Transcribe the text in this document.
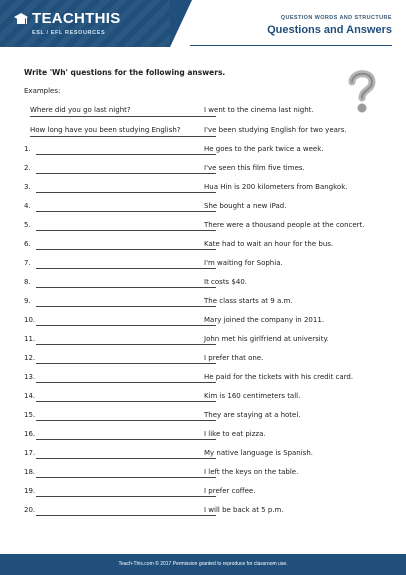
TEACHTHIS
ESL / EFL RESOURCES
QUESTION WORDS AND STRUCTURE
Questions and Answers
Write 'Wh' questions for the following answers.
Examples:
Where did you go last night?	I went to the cinema last night.
How long have you been studying English?	I've been studying English for two years.
1.	He goes to the park twice a week.
2.	I've seen this film five times.
3.	Hua Hin is 200 kilometers from Bangkok.
4.	She bought a new iPad.
5.	There were a thousand people at the concert.
6.	Kate had to wait an hour for the bus.
7.	I'm waiting for Sophia.
8.	It costs $40.
9.	The class starts at 9 a.m.
10.	Mary joined the company in 2011.
11.	John met his girlfriend at university.
12.	I prefer that one.
13.	He paid for the tickets with his credit card.
14.	Kim is 160 centimeters tall.
15.	They are staying at a hotel.
16.	I like to eat pizza.
17.	My native language is Spanish.
18.	I left the keys on the table.
19.	I prefer coffee.
20.	I will be back at 5 p.m.
Teach-This.com © 2017 Permission granted to reproduce for classroom use.
